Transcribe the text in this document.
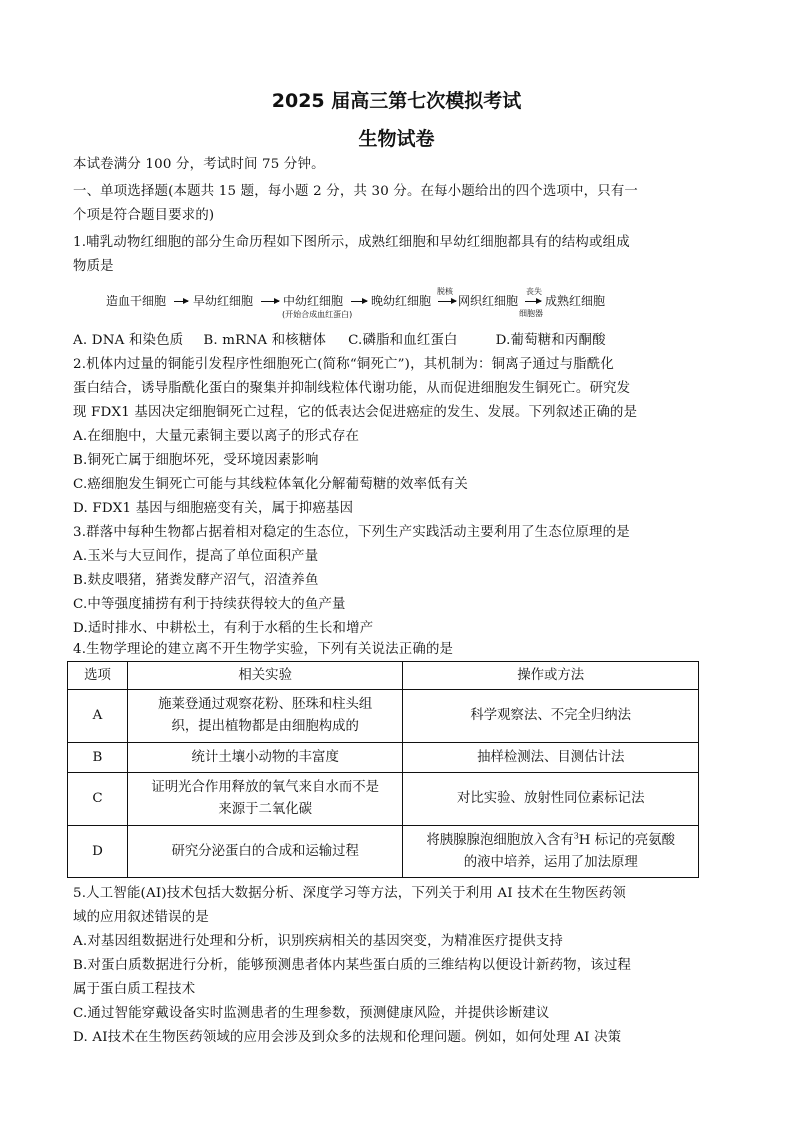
2025 届高三第七次模拟考试
生物试卷
本试卷满分 100 分，考试时间 75 分钟。
一、单项选择题(本题共 15 题，每小题 2 分，共 30 分。在每小题给出的四个选项中，只有一
个项是符合题目要求的)
1.哺乳动物红细胞的部分生命历程如下图所示，成熟红细胞和早幼红细胞都具有的结构或组成
物质是
造血干细胞 早幼红细胞 中幼红细胞
(开始合成血红蛋白)
晚幼红细胞
脱核
网织红细胞
丧失
细胞器
成熟红细胞
A. DNA 和染色质 B. mRNA 和核糖体 C.磷脂和血红蛋白	D.葡萄糖和丙酮酸
2.机体内过量的铜能引发程序性细胞死亡(简称“铜死亡”)，其机制为：铜离子通过与脂酰化
蛋白结合，诱导脂酰化蛋白的聚集并抑制线粒体代谢功能，从而促进细胞发生铜死亡。研究发
现 FDX1 基因决定细胞铜死亡过程，它的低表达会促进癌症的发生、发展。下列叙述正确的是
A.在细胞中，大量元素铜主要以离子的形式存在
B.铜死亡属于细胞坏死，受环境因素影响
C.癌细胞发生铜死亡可能与其线粒体氧化分解葡萄糖的效率低有关
D. FDX1 基因与细胞癌变有关，属于抑癌基因
3.群落中每种生物都占据着相对稳定的生态位，下列生产实践活动主要利用了生态位原理的是
A.玉米与大豆间作，提高了单位面积产量
B.麸皮喂猪，猪粪发酵产沼气，沼渣养鱼
C.中等强度捕捞有利于持续获得较大的鱼产量
D.适时排水、中耕松土，有利于水稻的生长和增产
4.生物学理论的建立离不开生物学实验，下列有关说法正确的是
选项	相关实验	操作或方法
A	施莱登通过观察花粉、胚珠和柱头组
织，提出植物都是由细胞构成的	科学观察法、不完全归纳法
B	统计土壤小动物的丰富度	抽样检测法、目测估计法
C	证明光合作用释放的氧气来自水而不是
来源于二氧化碳	对比实验、放射性同位素标记法
D	研究分泌蛋白的合成和运输过程	将胰腺腺泡细胞放入含有$^3$H 标记的亮氨酸
的液中培养，运用了加法原理
5.人工智能(AI)技术包括大数据分析、深度学习等方法，下列关于利用 AI 技术在生物医药领
域的应用叙述错误的是
A.对基因组数据进行处理和分析，识别疾病相关的基因突变，为精准医疗提供支持
B.对蛋白质数据进行分析，能够预测患者体内某些蛋白质的三维结构以便设计新药物，该过程
属于蛋白质工程技术
C.通过智能穿戴设备实时监测患者的生理参数，预测健康风险，并提供诊断建议
D. AI技术在生物医药领域的应用会涉及到众多的法规和伦理问题。例如，如何处理 AI 决策
